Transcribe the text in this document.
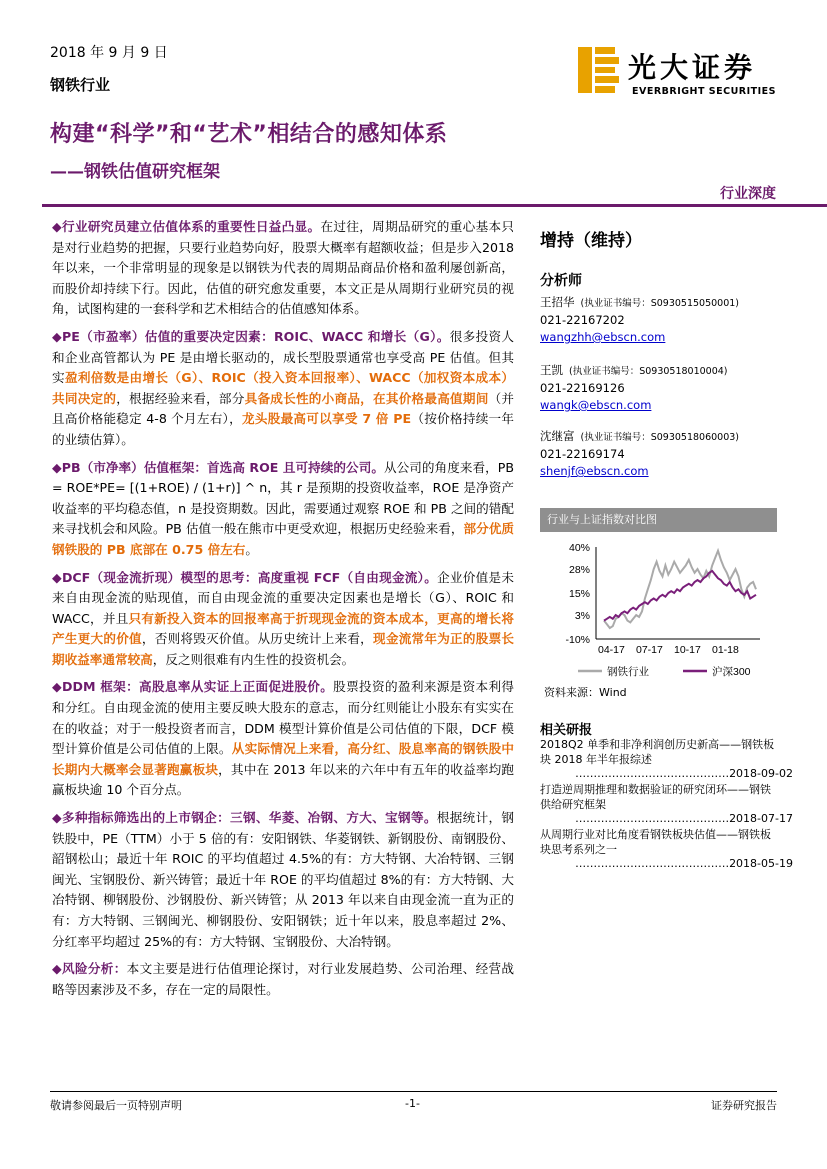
2018 年 9 月 9 日
钢铁行业
构建“科学”和“艺术”相结合的感知体系
——钢铁估值研究框架
行业深度
光大证券
EVERBRIGHT SECURITIES

◆行业研究员建立估值体系的重要性日益凸显。在过往，周期品研究的重心基本只是对行业趋势的把握，只要行业趋势向好，股票大概率有超额收益；但是步入2018 年以来，一个非常明显的现象是以钢铁为代表的周期品商品价格和盈利屡创新高，而股价却持续下行。因此，估值的研究愈发重要，本文正是从周期行业研究员的视角，试图构建的一套科学和艺术相结合的估值感知体系。

◆PE（市盈率）估值的重要决定因素：ROIC、WACC 和增长（G）。很多投资人和企业高管都认为 PE 是由增长驱动的，成长型股票通常也享受高 PE 估值。但其实盈利倍数是由增长（G）、ROIC（投入资本回报率）、WACC（加权资本成本）共同决定的，根据经验来看，部分具备成长性的小商品，在其价格最高值期间（并且高价格能稳定 4-8 个月左右），龙头股最高可以享受 7 倍 PE（按价格持续一年的业绩估算）。

◆PB（市净率）估值框架：首选高 ROE 且可持续的公司。从公司的角度来看，PB = ROE*PE= [(1+ROE) / (1+r)] ^ n，其 r 是预期的投资收益率，ROE 是净资产收益率的平均稳态值，n 是投资期数。因此，需要通过观察 ROE 和 PB 之间的错配来寻找机会和风险。PB 估值一般在熊市中更受欢迎，根据历史经验来看，部分优质钢铁股的 PB 底部在 0.75 倍左右。

◆DCF（现金流折现）模型的思考：高度重视 FCF（自由现金流）。企业价值是未来自由现金流的贴现值，而自由现金流的重要决定因素也是增长（G）、ROIC 和 WACC，并且只有新投入资本的回报率高于折现现金流的资本成本，更高的增长将产生更大的价值，否则将毁灭价值。从历史统计上来看，现金流常年为正的股票长期收益率通常较高，反之则很难有内生性的投资机会。

◆DDM 框架：高股息率从实证上正面促进股价。股票投资的盈利来源是资本利得和分红。自由现金流的使用主要反映大股东的意志，而分红则能让小股东有实实在在的收益；对于一般投资者而言，DDM 模型计算价值是公司估值的下限，DCF 模型计算价值是公司估值的上限。从实际情况上来看，高分红、股息率高的钢铁股中长期内大概率会显著跑赢板块，其中在 2013 年以来的六年中有五年的收益率均跑赢板块逾 10 个百分点。

◆多种指标筛选出的上市钢企：三钢、华菱、冶钢、方大、宝钢等。根据统计，钢铁股中，PE（TTM）小于 5 倍的有：安阳钢铁、华菱钢铁、新钢股份、南钢股份、韶钢松山；最近十年 ROIC 的平均值超过 4.5%的有：方大特钢、大冶特钢、三钢闽光、宝钢股份、新兴铸管；最近十年 ROE 的平均值超过 8%的有：方大特钢、大冶特钢、柳钢股份、沙钢股份、新兴铸管；从 2013 年以来自由现金流一直为正的有：方大特钢、三钢闽光、柳钢股份、安阳钢铁；近十年以来，股息率超过 2%、分红率平均超过 25%的有：方大特钢、宝钢股份、大冶特钢。

◆风险分析：本文主要是进行估值理论探讨，对行业发展趋势、公司治理、经营战略等因素涉及不多，存在一定的局限性。

增持（维持）
分析师
王招华 (执业证书编号：S0930515050001)
021-22167202
wangzhh@ebscn.com
王凯 (执业证书编号：S0930518010004)
021-22169126
wangk@ebscn.com
沈继富 (执业证书编号：S0930518060003)
021-22169174
shenjf@ebscn.com
行业与上证指数对比图
40%
28%
15%
3%
-10%
04-17 07-17 10-17 01-18
钢铁行业	沪深300
资料来源：Wind
相关研报
2018Q2 单季和非净利润创历史新高——钢铁板块 2018 年半年报综述
……………………………………2018-09-02
打造逆周期推理和数据验证的研究闭环——钢铁供给研究框架
……………………………………2018-07-17
从周期行业对比角度看钢铁板块估值——钢铁板块思考系列之一
……………………………………2018-05-19
敬请参阅最后一页特别声明	-1-	证券研究报告
